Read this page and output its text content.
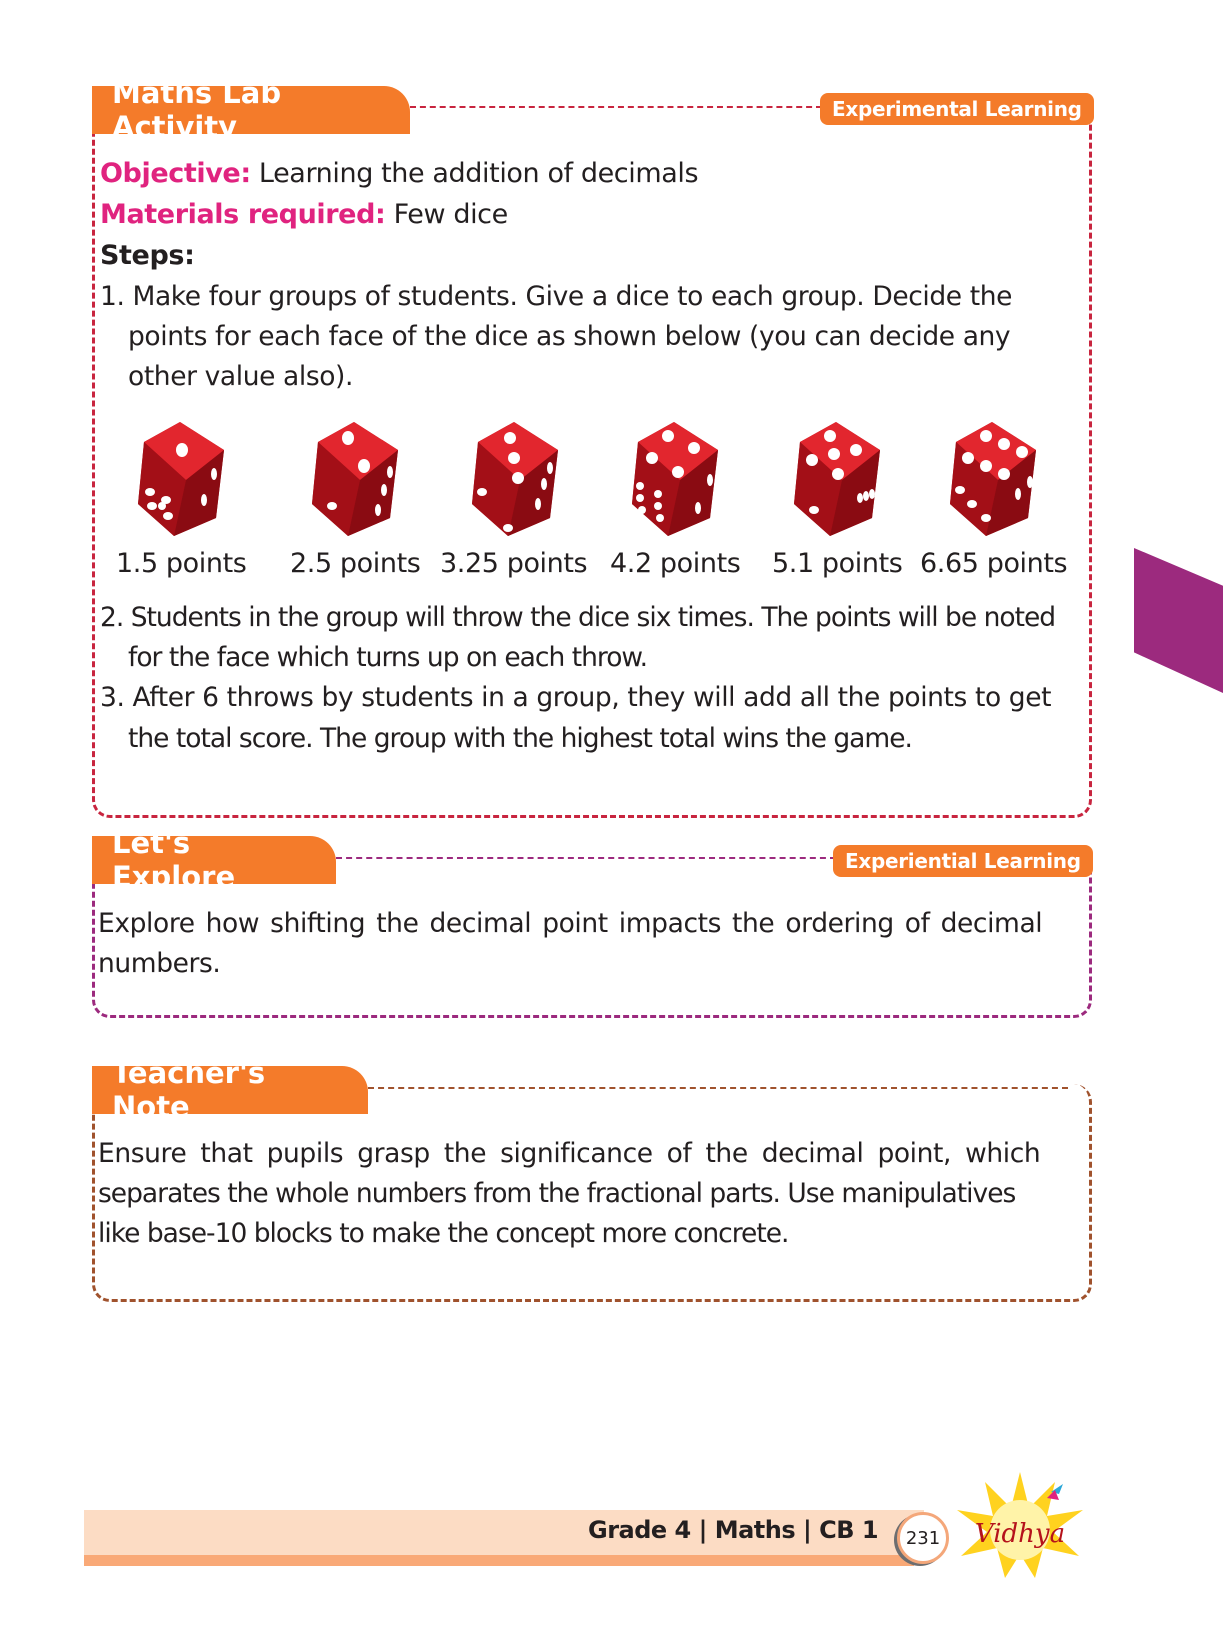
Maths Lab Activity
Experimental Learning
Objective: Learning the addition of decimals
Materials required: Few dice
Steps:
1. Make four groups of students. Give a dice to each group. Decide the
points for each face of the dice as shown below (you can decide any
other value also).
1.5 points 2.5 points 3.25 points 4.2 points 5.1 points 6.65 points
2. Students in the group will throw the dice six times. The points will be noted
for the face which turns up on each throw.
3. After 6 throws by students in a group, they will add all the points to get
the total score. The group with the highest total wins the game.
Let's Explore	Experiential Learning
Explore how shifting the decimal point impacts the ordering of decimal
numbers.
Teacher's Note
Ensure that pupils grasp the significance of the decimal point, which
separates the whole numbers from the fractional parts. Use manipulatives
like base-10 blocks to make the concept more concrete.
Grade 4 | Maths | CB 1 231 Vidhya
